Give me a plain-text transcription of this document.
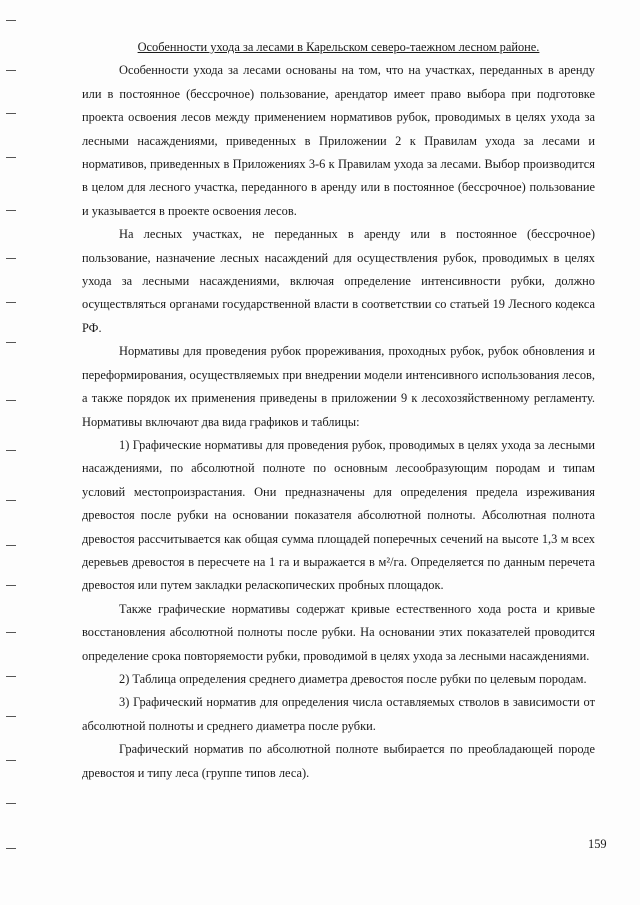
Особенности ухода за лесами в Карельском северо-таежном лесном районе.

Особенности ухода за лесами основаны на том, что на участках, переданных в аренду или в постоянное (бессрочное) пользование, арендатор имеет право выбора при подготовке проекта освоения лесов между применением нормативов рубок, проводимых в целях ухода за лесными насаждениями, приведенных в Приложении 2 к Правилам ухода за лесами и нормативов, приведенных в Приложениях 3-6 к Правилам ухода за лесами. Выбор производится в целом для лесного участка, переданного в аренду или в постоянное (бессрочное) пользование и указывается в проекте освоения лесов.

На лесных участках, не переданных в аренду или в постоянное (бессрочное) пользование, назначение лесных насаждений для осуществления рубок, проводимых в целях ухода за лесными насаждениями, включая определение интенсивности рубки, должно осуществляться органами государственной власти в соответствии со статьей 19 Лесного кодекса РФ.

Нормативы для проведения рубок прореживания, проходных рубок, рубок обновления и переформирования, осуществляемых при внедрении модели интенсивного использования лесов, а также порядок их применения приведены в приложении 9 к лесохозяйственному регламенту. Нормативы включают два вида графиков и таблицы:

1) Графические нормативы для проведения рубок, проводимых в целях ухода за лесными насаждениями, по абсолютной полноте по основным лесообразующим породам и типам условий местопроизрастания. Они предназначены для определения предела изреживания древостоя после рубки на основании показателя абсолютной полноты. Абсолютная полнота древостоя рассчитывается как общая сумма площадей поперечных сечений на высоте 1,3 м всех деревьев древостоя в пересчете на 1 га и выражается в м²/га. Определяется по данным перечета древостоя или путем закладки реласкопических пробных площадок.

Также графические нормативы содержат кривые естественного хода роста и кривые восстановления абсолютной полноты после рубки. На основании этих показателей проводится определение срока повторяемости рубки, проводимой в целях ухода за лесными насаждениями.

2) Таблица определения среднего диаметра древостоя после рубки по целевым породам.

3) Графический норматив для определения числа оставляемых стволов в зависимости от абсолютной полноты и среднего диаметра после рубки.

Графический норматив по абсолютной полноте выбирается по преобладающей породе древостоя и типу леса (группе типов леса).

159
